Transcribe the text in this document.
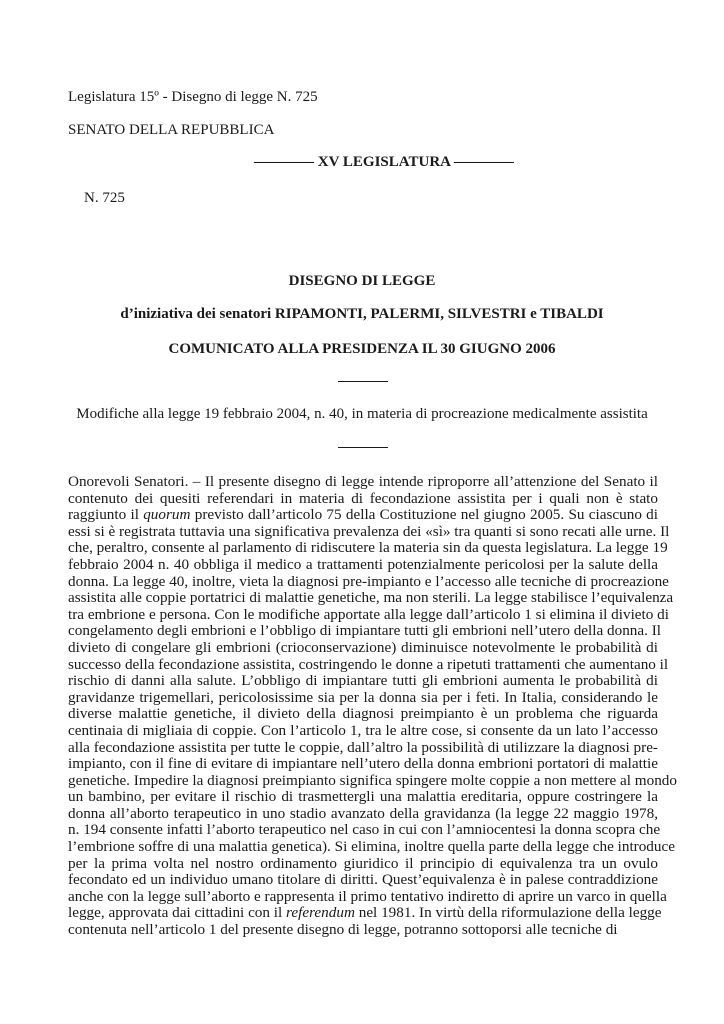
Legislatura 15º - Disegno di legge N. 725
SENATO DELLA REPUBBLICA
———— XV LEGISLATURA ————
N. 725
DISEGNO DI LEGGE
d’iniziativa dei senatori RIPAMONTI, PALERMI, SILVESTRI e TIBALDI
COMUNICATO ALLA PRESIDENZA IL 30 GIUGNO 2006
Modifiche alla legge 19 febbraio 2004, n. 40, in materia di procreazione medicalmente assistita
Onorevoli Senatori. – Il presente disegno di legge intende riproporre all’attenzione del Senato il
contenuto dei quesiti referendari in materia di fecondazione assistita per i quali non è stato
raggiunto il quorum previsto dall’articolo 75 della Costituzione nel giugno 2005. Su ciascuno di
essi si è registrata tuttavia una significativa prevalenza dei «sì» tra quanti si sono recati alle urne. Il
che, peraltro, consente al parlamento di ridiscutere la materia sin da questa legislatura. La legge 19
febbraio 2004 n. 40 obbliga il medico a trattamenti potenzialmente pericolosi per la salute della
donna. La legge 40, inoltre, vieta la diagnosi pre-impianto e l’accesso alle tecniche di procreazione
assistita alle coppie portatrici di malattie genetiche, ma non sterili. La legge stabilisce l’equivalenza
tra embrione e persona. Con le modifiche apportate alla legge dall’articolo 1 si elimina il divieto di
congelamento degli embrioni e l’obbligo di impiantare tutti gli embrioni nell’utero della donna. Il
divieto di congelare gli embrioni (crioconservazione) diminuisce notevolmente le probabilità di
successo della fecondazione assistita, costringendo le donne a ripetuti trattamenti che aumentano il
rischio di danni alla salute. L’obbligo di impiantare tutti gli embrioni aumenta le probabilità di
gravidanze trigemellari, pericolosissime sia per la donna sia per i feti. In Italia, considerando le
diverse malattie genetiche, il divieto della diagnosi preimpianto è un problema che riguarda
centinaia di migliaia di coppie. Con l’articolo 1, tra le altre cose, si consente da un lato l’accesso
alla fecondazione assistita per tutte le coppie, dall’altro la possibilità di utilizzare la diagnosi pre-
impianto, con il fine di evitare di impiantare nell’utero della donna embrioni portatori di malattie
genetiche. Impedire la diagnosi preimpianto significa spingere molte coppie a non mettere al mondo
un bambino, per evitare il rischio di trasmettergli una malattia ereditaria, oppure costringere la
donna all’aborto terapeutico in uno stadio avanzato della gravidanza (la legge 22 maggio 1978,
n. 194 consente infatti l’aborto terapeutico nel caso in cui con l’amniocentesi la donna scopra che
l’embrione soffre di una malattia genetica). Si elimina, inoltre quella parte della legge che introduce
per la prima volta nel nostro ordinamento giuridico il principio di equivalenza tra un ovulo
fecondato ed un individuo umano titolare di diritti. Quest’equivalenza è in palese contraddizione
anche con la legge sull’aborto e rappresenta il primo tentativo indiretto di aprire un varco in quella
legge, approvata dai cittadini con il referendum nel 1981. In virtù della riformulazione della legge
contenuta nell’articolo 1 del presente disegno di legge, potranno sottoporsi alle tecniche di
